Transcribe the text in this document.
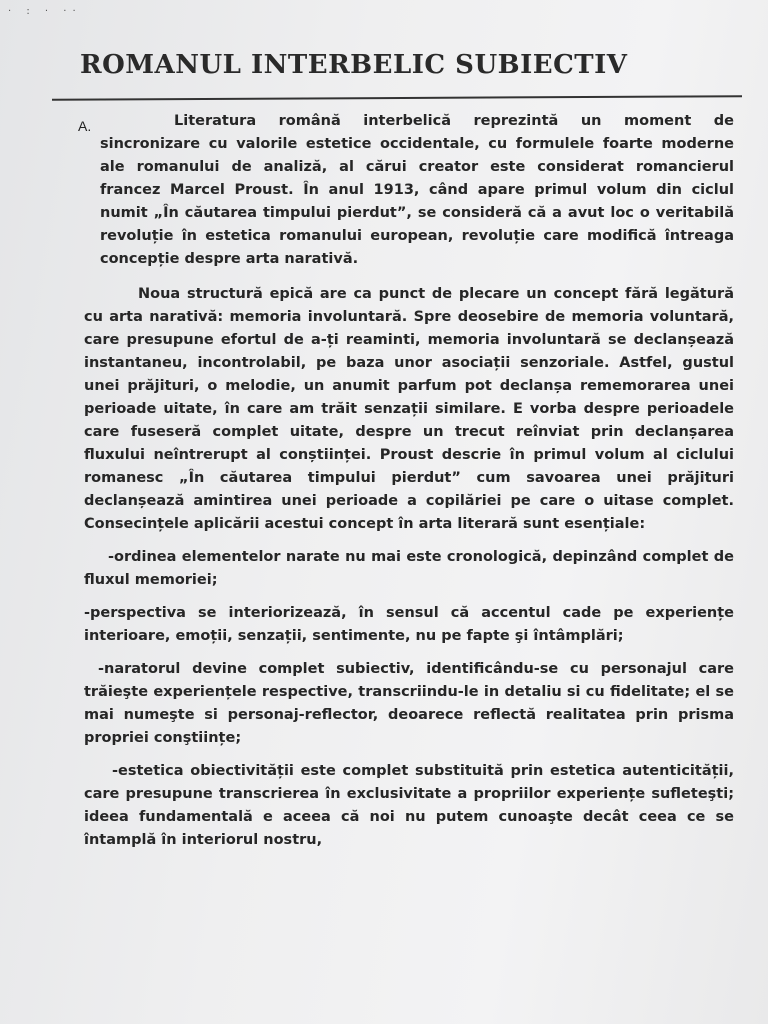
· : · ··
ROMANUL INTERBELIC SUBIECTIV
A.	Literatura română interbelică reprezintă un moment de sincronizare cu valorile estetice occidentale, cu formulele foarte moderne ale romanului de analiză, al cărui creator este considerat romancierul francez Marcel Proust. În anul 1913, când apare primul volum din ciclul numit „În căutarea timpului pierdut”, se consideră că a avut loc o veritabilă revoluție în estetica romanului european, revoluție care modifică întreaga concepție despre arta narativă.

Noua structură epică are ca punct de plecare un concept fără legătură cu arta narativă: memoria involuntară. Spre deosebire de memoria voluntară, care presupune efortul de a-ți reaminti, memoria involuntară se declanșează instantaneu, incontrolabil, pe baza unor asociații senzoriale. Astfel, gustul unei prăjituri, o melodie, un anumit parfum pot declanșa rememorarea unei perioade uitate, în care am trăit senzații similare. E vorba despre perioadele care fuseseră complet uitate, despre un trecut reînviat prin declanșarea fluxului neîntrerupt al conștiinței. Proust descrie în primul volum al ciclului romanesc „În căutarea timpului pierdut” cum savoarea unei prăjituri declanșează amintirea unei perioade a copilăriei pe care o uitase complet. Consecințele aplicării acestui concept în arta literară sunt esențiale:

-ordinea elementelor narate nu mai este cronologică, depinzând complet de fluxul memoriei;

-perspectiva se interiorizează, în sensul că accentul cade pe experiențe interioare, emoții, senzații, sentimente, nu pe fapte şi întâmplări;

-naratorul devine complet subiectiv, identificându-se cu personajul care trăieşte experiențele respective, transcriindu-le in detaliu si cu fidelitate; el se mai numeşte si personaj-reflector, deoarece reflectă realitatea prin prisma propriei conştiințe;

-estetica obiectivității este complet substituită prin estetica autenticității, care presupune transcrierea în exclusivitate a propriilor experiențe sufleteşti; ideea fundamentală e aceea că noi nu putem cunoaşte decât ceea ce se întamplă în interiorul nostru,
